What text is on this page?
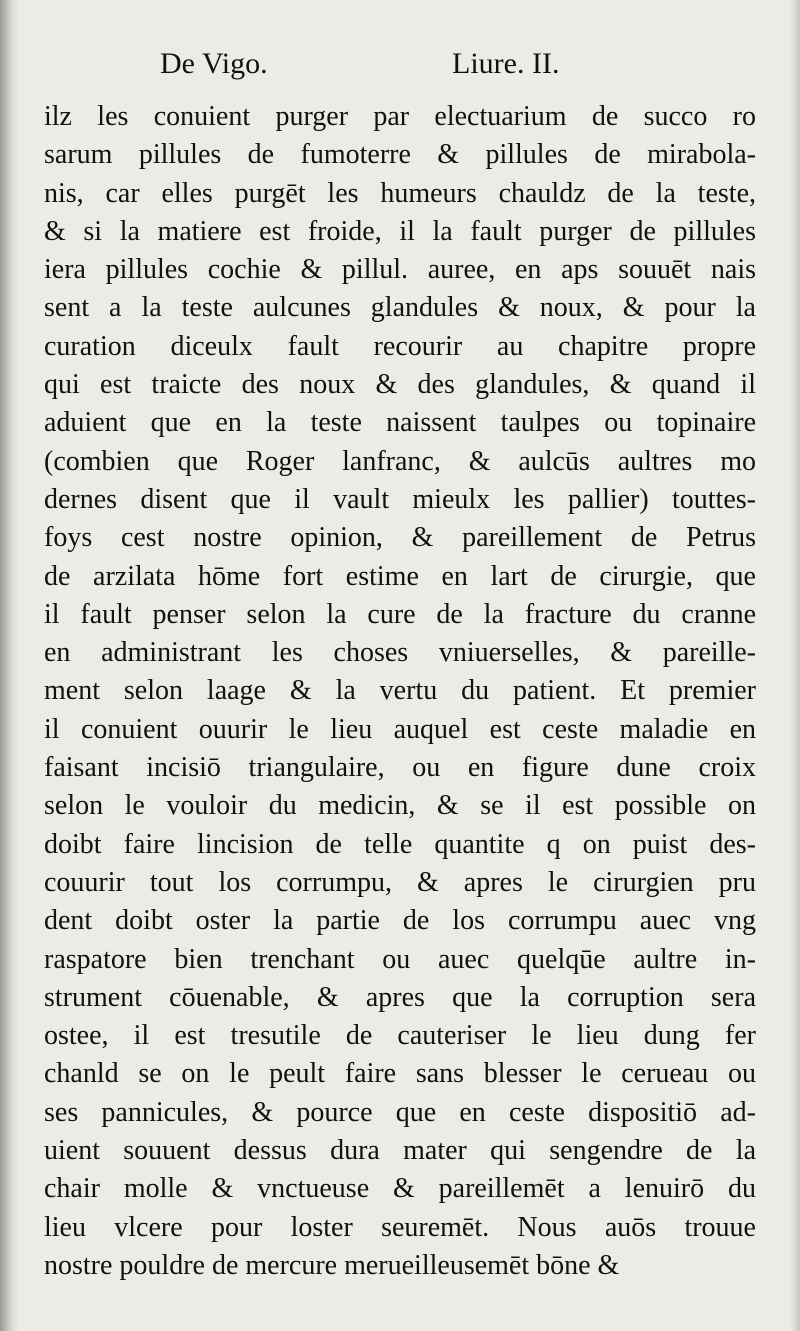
De Vigo.	Liure. II.
ilz les conuient purger par electuarium de succo ro
sarum pillules de fumoterre & pillules de mirabola-
nis, car elles purgēt les humeurs chauldz de la teste,
& si la matiere est froide, il la fault purger de pillules
iera pillules cochie & pillul. auree, en aps souuēt nais
sent a la teste aulcunes glandules & noux, & pour la
curation diceulx fault recourir au chapitre propre
qui est traicte des noux & des glandules, & quand il
aduient que en la teste naissent taulpes ou topinaire
(combien que Roger lanfranc, & aulcūs aultres mo
dernes disent que il vault mieulx les pallier) touttes-
foys cest nostre opinion, & pareillement de Petrus
de arzilata hōme fort estime en lart de cirurgie, que
il fault penser selon la cure de la fracture du cranne
en administrant les choses vniuerselles, & pareille-
ment selon laage & la vertu du patient. Et premier
il conuient ouurir le lieu auquel est ceste maladie en
faisant incisiō triangulaire, ou en figure dune croix
selon le vouloir du medicin, & se il est possible on
doibt faire lincision de telle quantite q on puist des-
couurir tout los corrumpu, & apres le cirurgien pru
dent doibt oster la partie de los corrumpu auec vng
raspatore bien trenchant ou auec quelqūe aultre in-
strument cōuenable, & apres que la corruption sera
ostee, il est tresutile de cauteriser le lieu dung fer
chanld se on le peult faire sans blesser le cerueau ou
ses pannicules, & pource que en ceste dispositiō ad-
uient souuent dessus dura mater qui sengendre de la
chair molle & vnctueuse & pareillemēt a lenuirō du
lieu vlcere pour loster seuremēt. Nous auōs trouue
nostre pouldre de mercure merueilleusemēt bōne &
